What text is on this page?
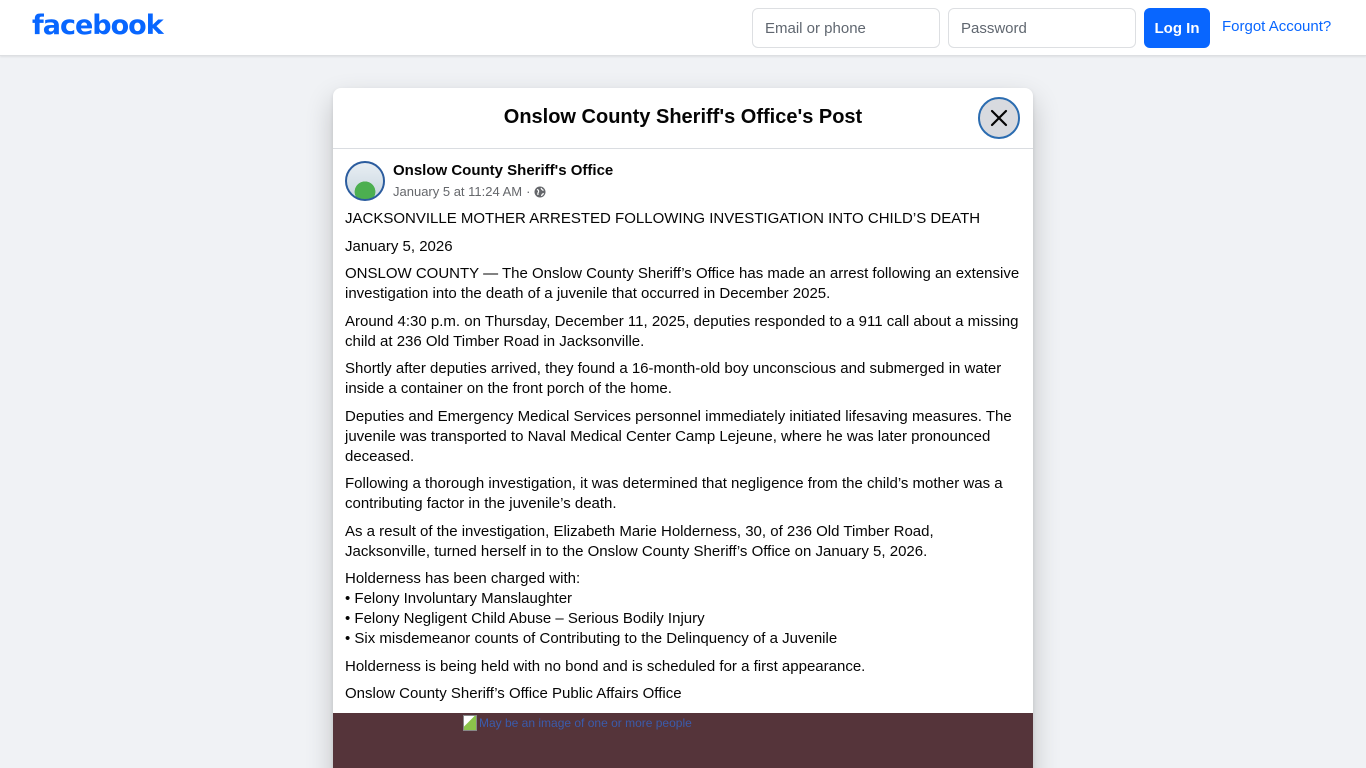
facebook
Email or phone	Log In	Forgot Account?
Onslow County Sheriff's Office's Post
Onslow County Sheriff's Office
January 5 at 11:24 AM ·

JACKSONVILLE MOTHER ARRESTED FOLLOWING INVESTIGATION INTO CHILD’S DEATH

January 5, 2026

ONSLOW COUNTY — The Onslow County Sheriff’s Office has made an arrest following an extensive investigation into the death of a juvenile that occurred in December 2025.

Around 4:30 p.m. on Thursday, December 11, 2025, deputies responded to a 911 call about a missing child at 236 Old Timber Road in Jacksonville.

Shortly after deputies arrived, they found a 16-month-old boy unconscious and submerged in water inside a container on the front porch of the home.

Deputies and Emergency Medical Services personnel immediately initiated lifesaving measures. The juvenile was transported to Naval Medical Center Camp Lejeune, where he was later pronounced deceased.

Following a thorough investigation, it was determined that negligence from the child’s mother was a contributing factor in the juvenile’s death.

As a result of the investigation, Elizabeth Marie Holderness, 30, of 236 Old Timber Road, Jacksonville, turned herself in to the Onslow County Sheriff’s Office on January 5, 2026.

Holderness has been charged with:
• Felony Involuntary Manslaughter
• Felony Negligent Child Abuse – Serious Bodily Injury
• Six misdemeanor counts of Contributing to the Delinquency of a Juvenile

Holderness is being held with no bond and is scheduled for a first appearance.

Onslow County Sheriff’s Office Public Affairs Office

May be an image of one or more people
